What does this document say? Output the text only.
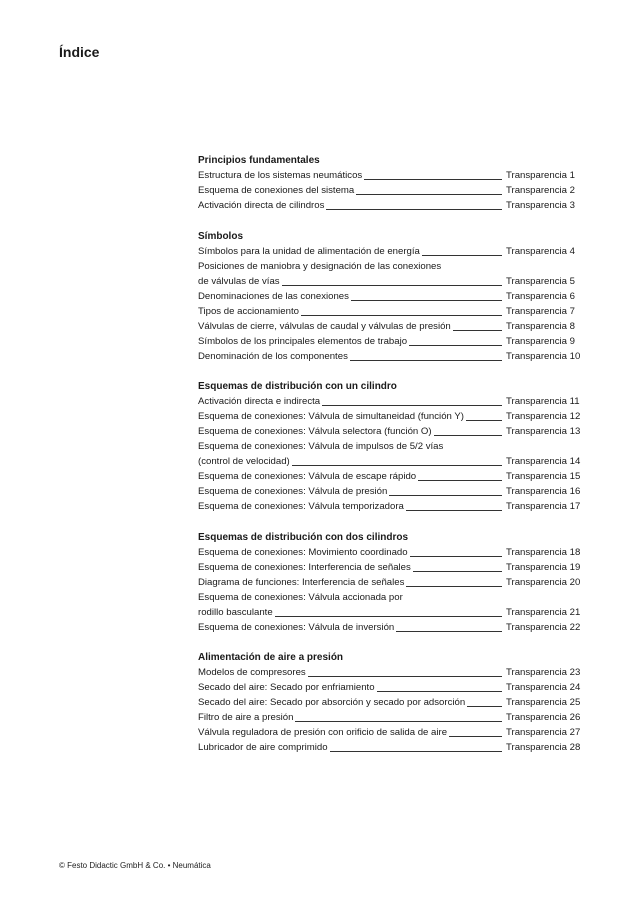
Índice
Principios fundamentales
Estructura de los sistemas neumáticos	Transparencia 1
Esquema de conexiones del sistema	Transparencia 2
Activación directa de cilindros	Transparencia 3
Símbolos
Símbolos para la unidad de alimentación de energía	Transparencia 4
Posiciones de maniobra y designación de las conexiones
de válvulas de vías	Transparencia 5
Denominaciones de las conexiones	Transparencia 6
Tipos de accionamiento	Transparencia 7
Válvulas de cierre, válvulas de caudal y válvulas de presión	Transparencia 8
Símbolos de los principales elementos de trabajo	Transparencia 9
Denominación de los componentes	Transparencia 10
Esquemas de distribución con un cilindro
Activación directa e indirecta	Transparencia 11
Esquema de conexiones: Válvula de simultaneidad (función Y)	Transparencia 12
Esquema de conexiones: Válvula selectora (función O)	Transparencia 13
Esquema de conexiones: Válvula de impulsos de 5/2 vías
(control de velocidad)	Transparencia 14
Esquema de conexiones: Válvula de escape rápido	Transparencia 15
Esquema de conexiones: Válvula de presión	Transparencia 16
Esquema de conexiones: Válvula temporizadora	Transparencia 17
Esquemas de distribución con dos cilindros
Esquema de conexiones: Movimiento coordinado	Transparencia 18
Esquema de conexiones: Interferencia de señales	Transparencia 19
Diagrama de funciones: Interferencia de señales	Transparencia 20
Esquema de conexiones: Válvula accionada por
rodillo basculante	Transparencia 21
Esquema de conexiones: Válvula de inversión	Transparencia 22
Alimentación de aire a presión
Modelos de compresores	Transparencia 23
Secado del aire: Secado por enfriamiento	Transparencia 24
Secado del aire: Secado por absorción y secado por adsorción	Transparencia 25
Filtro de aire a presión	Transparencia 26
Válvula reguladora de presión con orificio de salida de aire	Transparencia 27
Lubricador de aire comprimido	Transparencia 28
© Festo Didactic GmbH & Co. • Neumática
